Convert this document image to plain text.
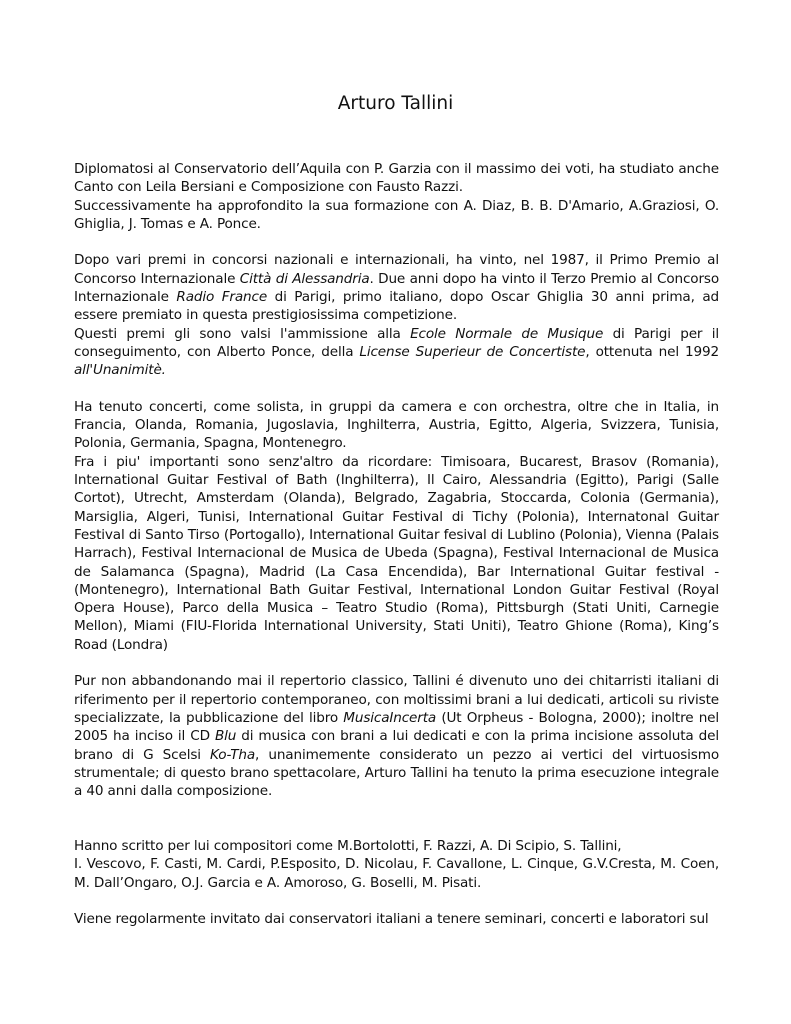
Arturo Tallini

Diplomatosi al Conservatorio dell’Aquila con P. Garzia con il massimo dei voti, ha studiato anche Canto con Leila Bersiani e Composizione con Fausto Razzi.

Successivamente ha approfondito la sua formazione con A. Diaz, B. B. D'Amario, A.Graziosi, O. Ghiglia, J. Tomas e A. Ponce.

Dopo vari premi in concorsi nazionali e internazionali, ha vinto, nel 1987, il Primo Premio al Concorso Internazionale Città di Alessandria. Due anni dopo ha vinto il Terzo Premio al Concorso Internazionale Radio France di Parigi, primo italiano, dopo Oscar Ghiglia 30 anni prima, ad essere premiato in questa prestigiosissima competizione.

Questi premi gli sono valsi l'ammissione alla Ecole Normale de Musique di Parigi per il conseguimento, con Alberto Ponce, della License Superieur de Concertiste, ottenuta nel 1992 all'Unanimitè.

Ha tenuto concerti, come solista, in gruppi da camera e con orchestra, oltre che in Italia, in Francia, Olanda, Romania, Jugoslavia, Inghilterra, Austria, Egitto, Algeria, Svizzera, Tunisia, Polonia, Germania, Spagna, Montenegro.

Fra i piu' importanti sono senz'altro da ricordare: Timisoara, Bucarest, Brasov (Romania), International Guitar Festival of Bath (Inghilterra), Il Cairo, Alessandria (Egitto), Parigi (Salle Cortot), Utrecht, Amsterdam (Olanda), Belgrado, Zagabria, Stoccarda, Colonia (Germania), Marsiglia, Algeri, Tunisi, International Guitar Festival di Tichy (Polonia), Internatonal Guitar Festival di Santo Tirso (Portogallo), International Guitar fesival di Lublino (Polonia), Vienna (Palais Harrach), Festival Internacional de Musica de Ubeda (Spagna), Festival Internacional de Musica de Salamanca (Spagna), Madrid (La Casa Encendida), Bar International Guitar festival - (Montenegro), International Bath Guitar Festival, International London Guitar Festival (Royal Opera House), Parco della Musica – Teatro Studio (Roma), Pittsburgh (Stati Uniti, Carnegie Mellon), Miami (FIU-Florida International University, Stati Uniti), Teatro Ghione (Roma), King’s Road (Londra)

Pur non abbandonando mai il repertorio classico, Tallini é divenuto uno dei chitarristi italiani di riferimento per il repertorio contemporaneo, con moltissimi brani a lui dedicati, articoli su riviste specializzate, la pubblicazione del libro MusicaIncerta (Ut Orpheus - Bologna, 2000); inoltre nel 2005 ha inciso il CD Blu di musica con brani a lui dedicati e con la prima incisione assoluta del brano di G Scelsi Ko-Tha, unanimemente considerato un pezzo ai vertici del virtuosismo strumentale; di questo brano spettacolare, Arturo Tallini ha tenuto la prima esecuzione integrale a 40 anni dalla composizione.

Hanno scritto per lui compositori come M.Bortolotti, F. Razzi, A. Di Scipio, S. Tallini,

I. Vescovo, F. Casti, M. Cardi, P.Esposito, D. Nicolau, F. Cavallone, L. Cinque, G.V.Cresta, M. Coen, M. Dall’Ongaro, O.J. Garcia e A. Amoroso, G. Boselli, M. Pisati.

Viene regolarmente invitato dai conservatori italiani a tenere seminari, concerti e laboratori sul
